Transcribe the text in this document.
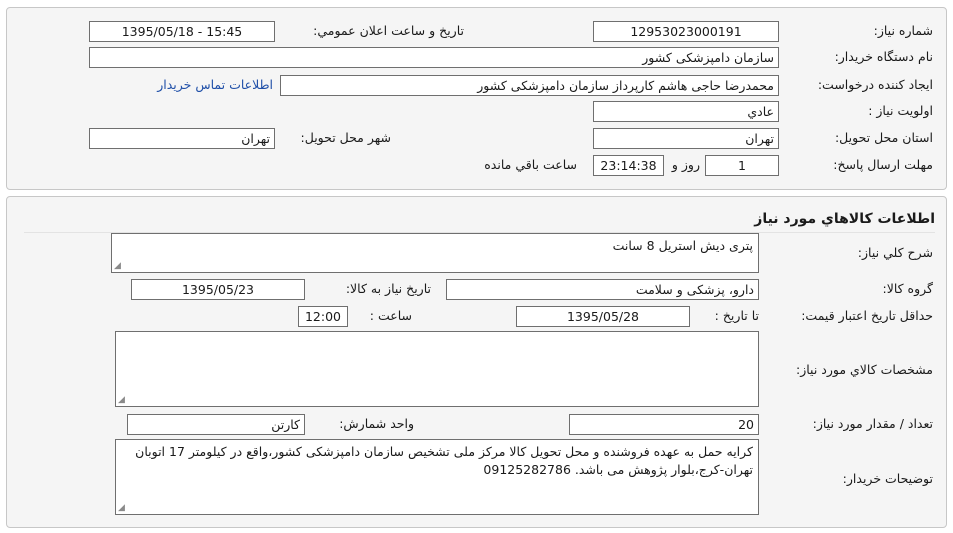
شماره نياز:
12953023000191
تاريخ و ساعت اعلان عمومي:
1395/05/18 - 15:45
نام دستگاه خريدار:
سازمان دامپزشکی کشور
ايجاد کننده درخواست:
محمدرضا حاجی هاشم کارپرداز سازمان دامپزشکی کشور
اطلاعات تماس خريدار
اولويت نياز :
عادي
استان محل تحويل:
تهران
شهر محل تحويل:
تهران
مهلت ارسال پاسخ:
1
روز و
23:14:38
ساعت باقي مانده
اطلاعات کالاهاي مورد نياز
شرح کلي نياز:
پتری دیش استریل 8 سانت
◢
گروه کالا:
دارو، پزشکی و سلامت
تاريخ نياز به کالا:
1395/05/23
حداقل تاريخ اعتبار قيمت:
تا تاريخ :
1395/05/28
ساعت :
12:00
مشخصات کالاي مورد نياز:
◢
تعداد / مقدار مورد نياز:
20
واحد شمارش:
کارتن
توضيحات خريدار:
کرایه حمل به عهده فروشنده و محل تحویل کالا مرکز ملی تشخیص سازمان دامپزشکی کشور،واقع در کیلومتر 17 اتوبان تهران-کرج،بلوار پژوهش می باشد. 09125282786
◢
